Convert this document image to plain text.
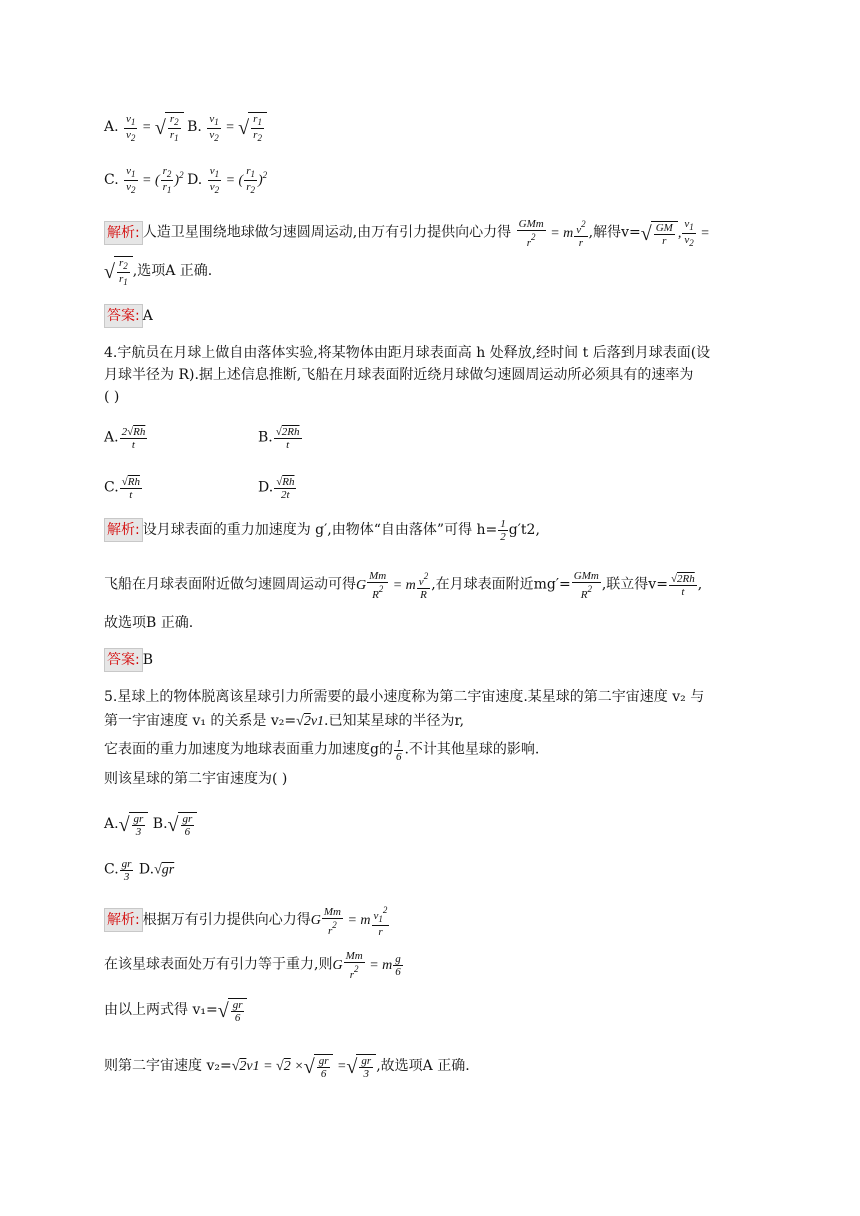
A. $\frac{v_1}{v_2}$ = √ $\frac{r_2}{r_1} B$. $\frac{v_1}{v_2}$ = √ $\frac{r_1}{r_2}$
C. $\frac{v_1}{v_2}$ = ( $\frac{r_2}{r_1} )^2$ D. $\frac{v_1}{v_2}$ = ( $\frac{r_1}{r_2} )^2$
解析: 人造卫星围绕地球做匀速圆周运动,由万有引力提供向心力得 $\frac{\text{GMm}}{r^2} = m \frac{v^2}{r}$ ,解得v= √ $\frac{GM}{r}$ , $\frac{v_1}{v_2}$ =
√ $\frac{r_2}{r_1}$ ,选项A 正确.
答案: A
4.宇航员在月球上做自由落体实验,将某物体由距月球表面高 h 处释放,经时间 t 后落到月球表面(设
月球半径为 R).据上述信息推断,飞船在月球表面附近绕月球做匀速圆周运动所必须具有的速率为
( )
A. $\frac{2√Rh}{t}$	B. $\frac{√2Rh}{t}$
C. $\frac{√Rh}{t}$	D. $\frac{√Rh}{2t}$
解析: 设月球表面的重力加速度为 g′,由物体“自由落体”可得 $h= \frac{1}{2} g't2$,
飞船在月球表面附近做匀速圆周运动可得G $\frac{Mm}{R^2} = m \frac{v^2}{R}$ ,在月球表面附近$mg'= \frac{\text{GMm}}{R^2}$ ,联立得$v= \frac{√2Rh}{t}$ ,
故选项B 正确.
答案: B
5.星球上的物体脱离该星球引力所需要的最小速度称为第二宇宙速度.某星球的第二宇宙速度 v₂ 与
第一宇宙速度 v₁ 的关系是 v₂=√2v1.已知某星球的半径为r,
它表面的重力加速度为地球表面重力加速度g的 $\frac{1}{6}$ .不计其他星球的影响.
则该星球的第二宇宙速度为( )
A. √ $\frac{gr}{3} B$. √ $\frac{gr}{6}$
C. $\frac{gr}{3} D.√gr$
解析: 根据万有引力提供向心力得G $\frac{Mm}{r^2} = m \frac{v_1^2}{r}$
在该星球表面处万有引力等于重力,则G $\frac{Mm}{r^2} = m \frac{g}{6}$
由以上两式得 v₁= √ $\frac{gr}{6}$
则第二宇宙速度 v₂=√2v1 = √2 × √ $\frac{gr}{6}$ = √ $\frac{gr}{3}$ ,故选项A 正确.
